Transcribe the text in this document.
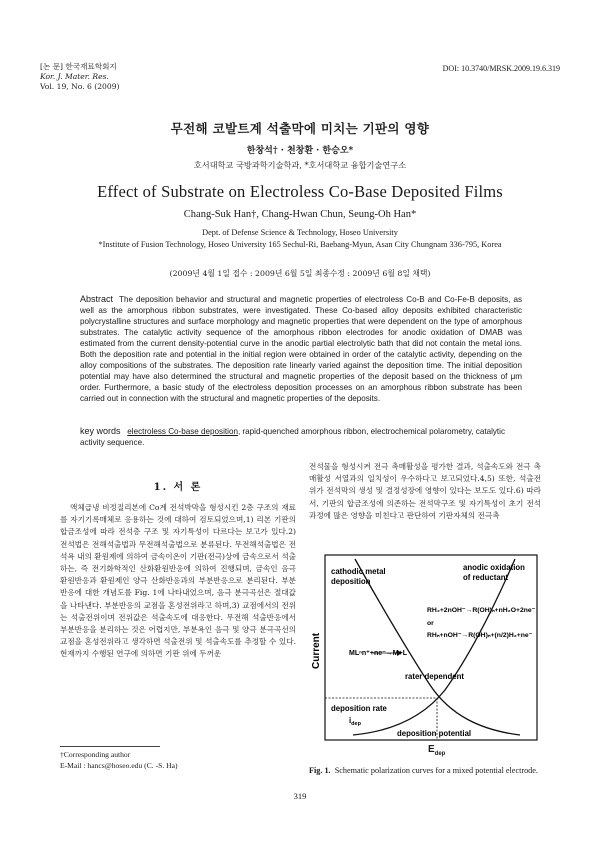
[논 문] 한국재료학회지
Kor. J. Mater. Res.
Vol. 19, No. 6 (2009)
DOI: 10.3740/MRSK.2009.19.6.319
무전해 코발트계 석출막에 미치는 기판의 영향
한창석† · 천창환 · 한승오*
호서대학교 국방과학기술학과, *호서대학교 융합기술연구소
Effect of Substrate on Electroless Co-Base Deposited Films
Chang-Suk Han†, Chang-Hwan Chun, Seung-Oh Han*
Dept. of Defense Science & Technology, Hoseo University
*Institute of Fusion Technology, Hoseo University 165 Sechul-Ri, Baebang-Myun, Asan City Chungnam 336-795, Korea
(2009년 4월 1일 접수 : 2009년 6월 5일 최종수정 : 2009년 6월 8일 채택)
Abstract The deposition behavior and structural and magnetic properties of electroless Co-B and Co-Fe-B deposits, as well as the amorphous ribbon substrates, were investigated. These Co-based alloy deposits exhibited characteristic polycrystalline structures and surface morphology and magnetic properties that were dependent on the type of amorphous substrates. The catalytic activity sequence of the amorphous ribbon electrodes for anodic oxidation of DMAB was estimated from the current density-potential curve in the anodic partial electrolytic bath that did not contain the metal ions. Both the deposition rate and potential in the initial region were obtained in order of the catalytic activity, depending on the alloy compositions of the substrates. The deposition rate linearly varied against the deposition time. The initial deposition potential may have also determined the structural and magnetic properties of the deposit based on the thickness of μm order. Furthermore, a basic study of the electroless deposition processes on an amorphous ribbon substrate has been carried out in connection with the structural and magnetic properties of the deposits.
key words electroless Co-base deposition, rapid-quenched amorphous ribbon, electrochemical polarometry, catalytic activity sequence.
1. 서 론
액체급냉 비정질리본에 Co계 전석박막을 형성시킨 2층 구조의 재료를 자기기록매체로 응용하는 것에 대하여 검토되었으며,1) 리본 기판의 합금조성에 따라 전석층 구조 및 자기특성이 다르다는 보고가 있다.2) 전석법은 전해석출법과 무전해석출법으로 분류된다. 무전해석출법은 전석욕 내의 환원제에 의하여 금속이온이 기판(전극)상에 금속으로서 석출하는, 즉 전기화학적인 산화환원반응에 의하여 진행되며, 금속인 음극 환원반응과 환원제인 양극 산화반응과의 부분반응으로 분리된다. 부분반응에 대한 개념도를 Fig. 1에 나타내었으며, 음극 분극곡선은 절대값을 나타낸다. 부분반응의 교점을 혼성전위라고 하며,3) 교점에서의 전위는 석출전위이며 전위값은 석출속도에 대응한다. 무전해 석출반응에서 부분반응을 분리하는 것은 어렵지만, 부분욕인 음극 및 양극 분극곡선의 교점을 혼성전위라고 생각하면 석출전위 및 석출속도를 추정할 수 있다. 현재까지 수행된 연구에 의하면 기판 위에 두꺼운
전석물을 형성시켜 전극 촉매활성을 평가한 결과, 석출속도와 전극 촉매활성 서열과의 일치성이 우수하다고 보고되었다.4,5) 또한, 석출전위가 전석막의 생성 및 결정성장에 영향이 있다는 보도도 있다.6) 따라서, 기판의 합금조성에 의존하는 전석막구조 및 자기특성이 초기 전석과정에 많은 영향을 미친다고 판단하여 기판자체의 전극촉
†Corresponding author
E-Mail : hancs@hoseo.edu (C. -S. Ha)
cathodic metal
deposition
anodic oxidation
of reductant
MLⁿn⁺+ne⁻→M+L
RH₂+2nOH⁻→R(OH)ₙ+nH₂O+2ne⁻
or
RHₙ+nOH⁻→R(OH)ₙ+(n/2)H₂+ne⁻
rater dependent
deposition rate
$i_{dep}$
deposition potential
Current
$E_{dep}$
Fig. 1. Schematic polarization curves for a mixed potential electrode.
319
